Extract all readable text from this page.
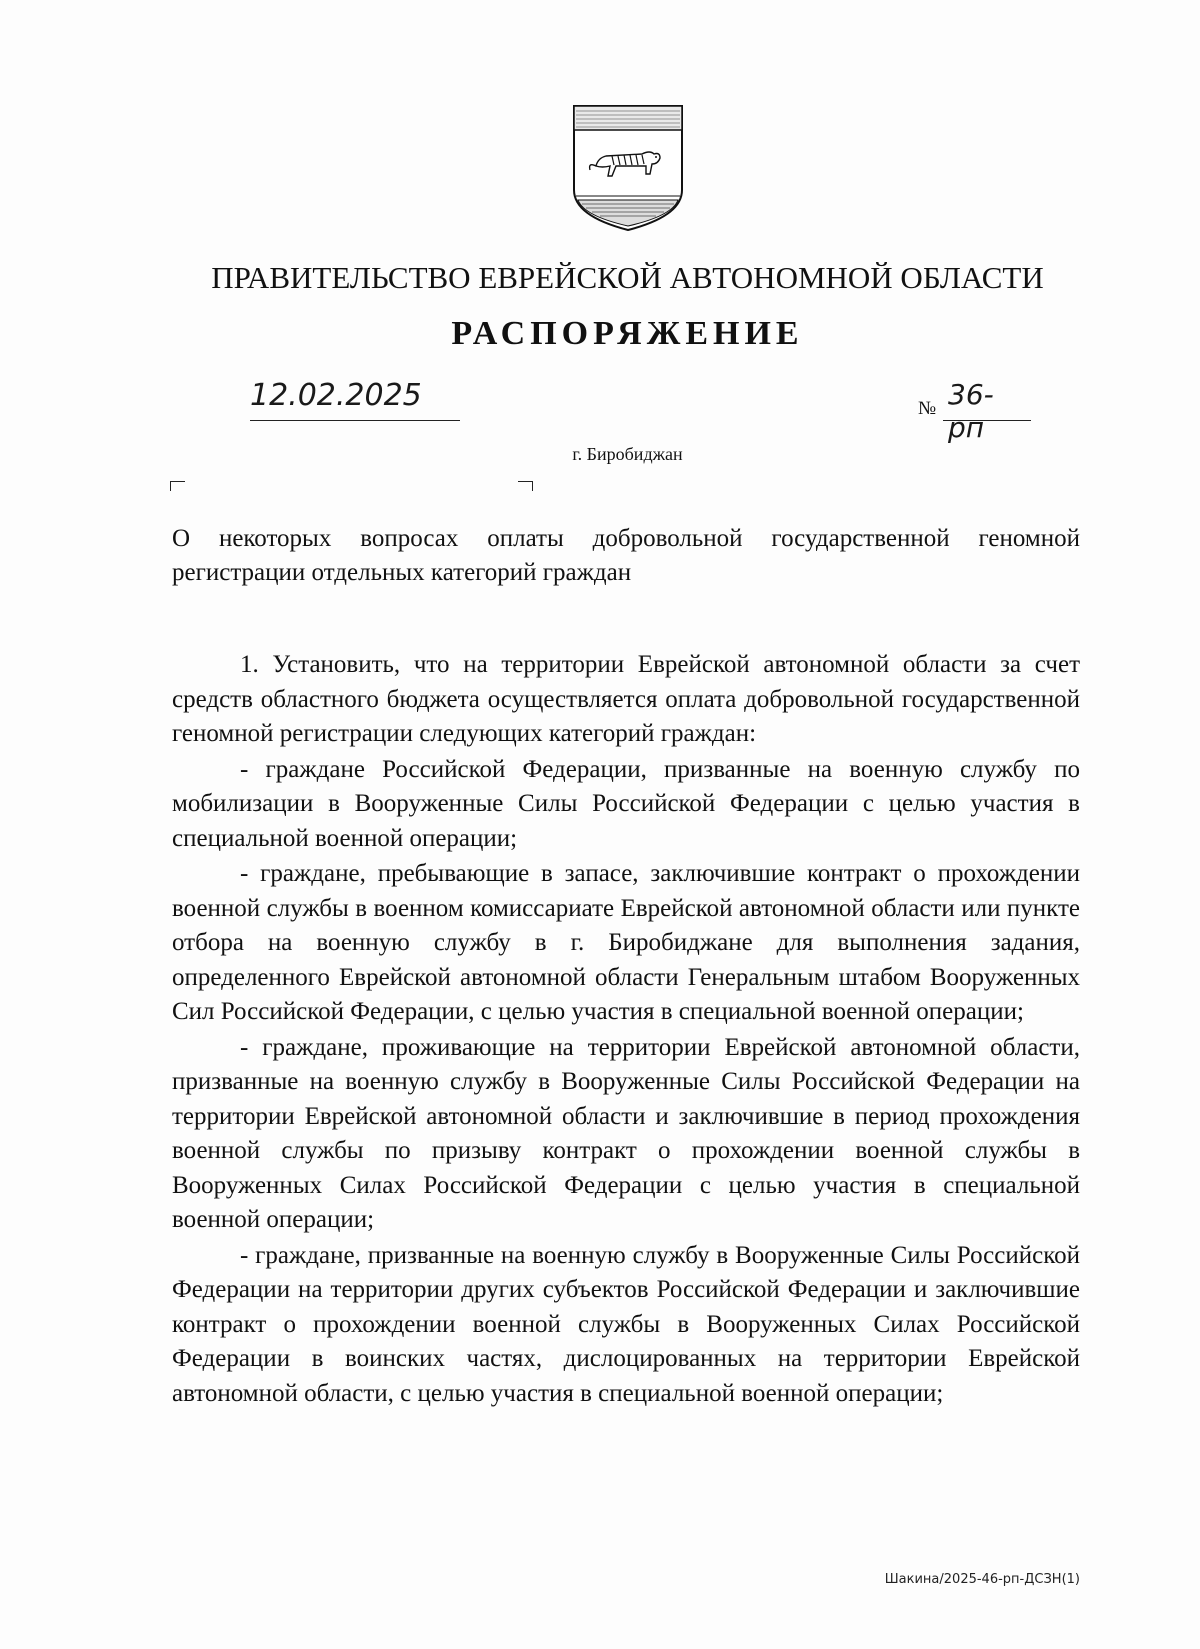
ПРАВИТЕЛЬСТВО ЕВРЕЙСКОЙ АВТОНОМНОЙ ОБЛАСТИ
РАСПОРЯЖЕНИЕ
12.02.2025	№ 36-рп
г. Биробиджан
О некоторых вопросах оплаты добровольной государственной геномной регистрации отдельных категорий граждан

1. Установить, что на территории Еврейской автономной области за счет средств областного бюджета осуществляется оплата добровольной государственной геномной регистрации следующих категорий граждан:

- граждане Российской Федерации, призванные на военную службу по мобилизации в Вооруженные Силы Российской Федерации с целью участия в специальной военной операции;

- граждане, пребывающие в запасе, заключившие контракт о прохождении военной службы в военном комиссариате Еврейской автономной области или пункте отбора на военную службу в г. Биробиджане для выполнения задания, определенного Еврейской автономной области Генеральным штабом Вооруженных Сил Российской Федерации, с целью участия в специальной военной операции;

- граждане, проживающие на территории Еврейской автономной области, призванные на военную службу в Вооруженные Силы Российской Федерации на территории Еврейской автономной области и заключившие в период прохождения военной службы по призыву контракт о прохождении военной службы в Вооруженных Силах Российской Федерации с целью участия в специальной военной операции;

- граждане, призванные на военную службу в Вооруженные Силы Российской Федерации на территории других субъектов Российской Федерации и заключившие контракт о прохождении военной службы в Вооруженных Силах Российской Федерации в воинских частях, дислоцированных на территории Еврейской автономной области, с целью участия в специальной военной операции;

Шакина/2025-46-рп-ДСЗН(1)
